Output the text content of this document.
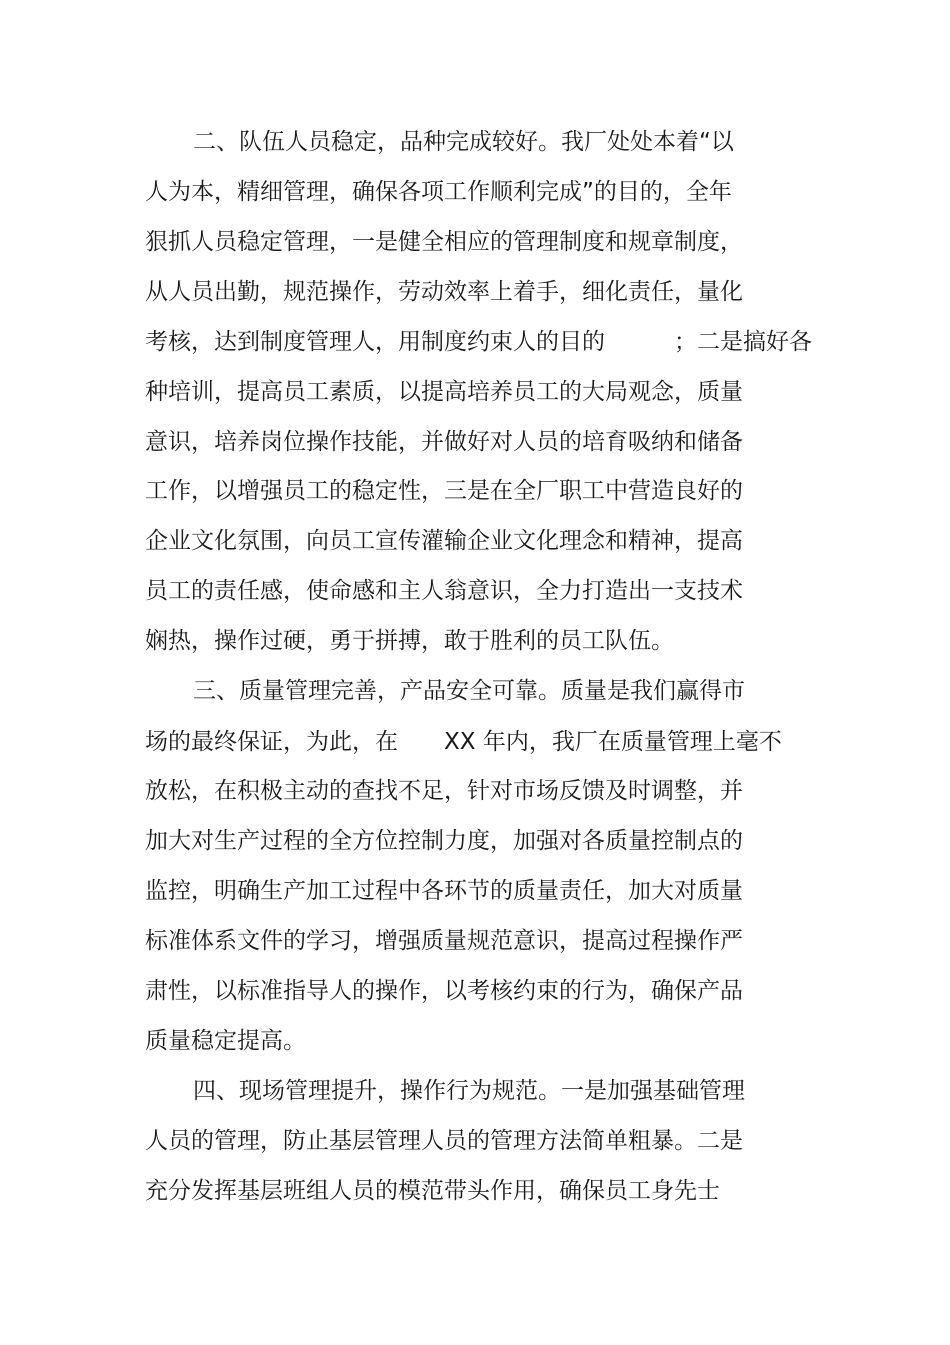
二、队伍人员稳定，品种完成较好。我厂处处本着“以
人为本，精细管理，确保各项工作顺利完成”的目的，全年
狠抓人员稳定管理，一是健全相应的管理制度和规章制度，
从人员出勤，规范操作，劳动效率上着手，细化责任，量化
考核，达到制度管理人，用制度约束人的目的　　　；二是搞好各
种培训，提高员工素质，以提高培养员工的大局观念，质量
意识，培养岗位操作技能，并做好对人员的培育吸纳和储备
工作，以增强员工的稳定性，三是在全厂职工中营造良好的
企业文化氛围，向员工宣传灌输企业文化理念和精神，提高
员工的责任感，使命感和主人翁意识，全力打造出一支技术
娴热，操作过硬，勇于拼搏，敢于胜利的员工队伍。
三、质量管理完善，产品安全可靠。质量是我们赢得市
场的最终保证，为此，在　　XX 年内，我厂在质量管理上毫不
放松，在积极主动的查找不足，针对市场反馈及时调整，并
加大对生产过程的全方位控制力度，加强对各质量控制点的
监控，明确生产加工过程中各环节的质量责任，加大对质量
标准体系文件的学习，增强质量规范意识，提高过程操作严
肃性，以标准指导人的操作，以考核约束的行为，确保产品
质量稳定提高。
四、现场管理提升，操作行为规范。一是加强基础管理
人员的管理，防止基层管理人员的管理方法简单粗暴。二是
充分发挥基层班组人员的模范带头作用，确保员工身先士
